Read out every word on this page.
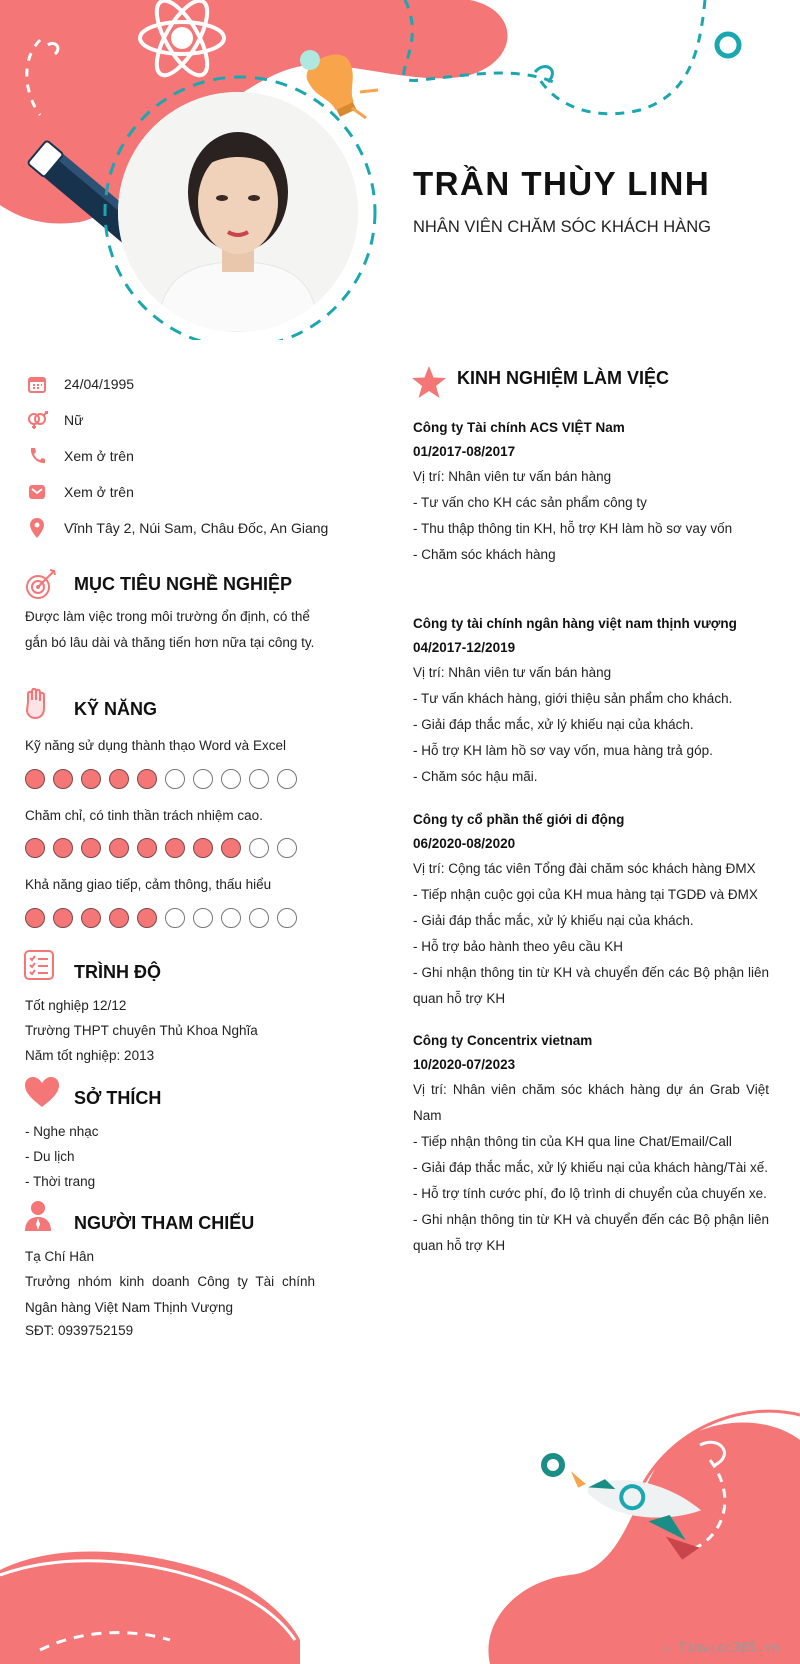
TRẦN THÙY LINH
NHÂN VIÊN CHĂM SÓC KHÁCH HÀNG
24/04/1995
Nữ
Xem ở trên
Xem ở trên
Vĩnh Tây 2, Núi Sam, Châu Đốc, An Giang
MỤC TIÊU NGHỀ NGHIỆP
Được làm việc trong môi trường ổn định, có thể gắn bó lâu dài và thăng tiến hơn nữa tại công ty.
KỸ NĂNG
Kỹ năng sử dụng thành thạo Word và Excel
Chăm chỉ, có tinh thần trách nhiệm cao.
Khả năng giao tiếp, cảm thông, thấu hiểu
TRÌNH ĐỘ
Tốt nghiệp 12/12
Trường THPT chuyên Thủ Khoa Nghĩa
Năm tốt nghiệp: 2013
SỞ THÍCH
- Nghe nhạc
- Du lịch
- Thời trang
NGƯỜI THAM CHIẾU
Tạ Chí Hân
Trưởng nhóm kinh doanh Công ty Tài chính Ngân hàng Việt Nam Thịnh Vượng
SĐT: 0939752159
KINH NGHIỆM LÀM VIỆC
Công ty Tài chính ACS VIỆT Nam
01/2017-08/2017
Vị trí: Nhân viên tư vấn bán hàng
- Tư vấn cho KH các sản phẩm công ty
- Thu thập thông tin KH, hỗ trợ KH làm hồ sơ vay vốn
- Chăm sóc khách hàng
Công ty tài chính ngân hàng việt nam thịnh vượng
04/2017-12/2019
Vị trí: Nhân viên tư vấn bán hàng
- Tư vấn khách hàng, giới thiệu sản phẩm cho khách.
- Giải đáp thắc mắc, xử lý khiếu nại của khách.
- Hỗ trợ KH làm hồ sơ vay vốn, mua hàng trả góp.
- Chăm sóc hậu mãi.
Công ty cổ phần thế giới di động
06/2020-08/2020
Vị trí: Cộng tác viên Tổng đài chăm sóc khách hàng ĐMX
- Tiếp nhận cuộc gọi của KH mua hàng tại TGDĐ và ĐMX
- Giải đáp thắc mắc, xử lý khiếu nại của khách.
- Hỗ trợ bảo hành theo yêu cầu KH
- Ghi nhận thông tin từ KH và chuyển đến các Bộ phận liên quan hỗ trợ KH
Công ty Concentrix vietnam
10/2020-07/2023
Vị trí: Nhân viên chăm sóc khách hàng dự án Grab Việt Nam
- Tiếp nhận thông tin của KH qua line Chat/Email/Call
- Giải đáp thắc mắc, xử lý khiếu nại của khách hàng/Tài xế.
- Hỗ trợ tính cước phí, đo lộ trình di chuyển của chuyến xe.
- Ghi nhận thông tin từ KH và chuyển đến các Bộ phận liên quan hỗ trợ KH
∴ Timviec365.vn
